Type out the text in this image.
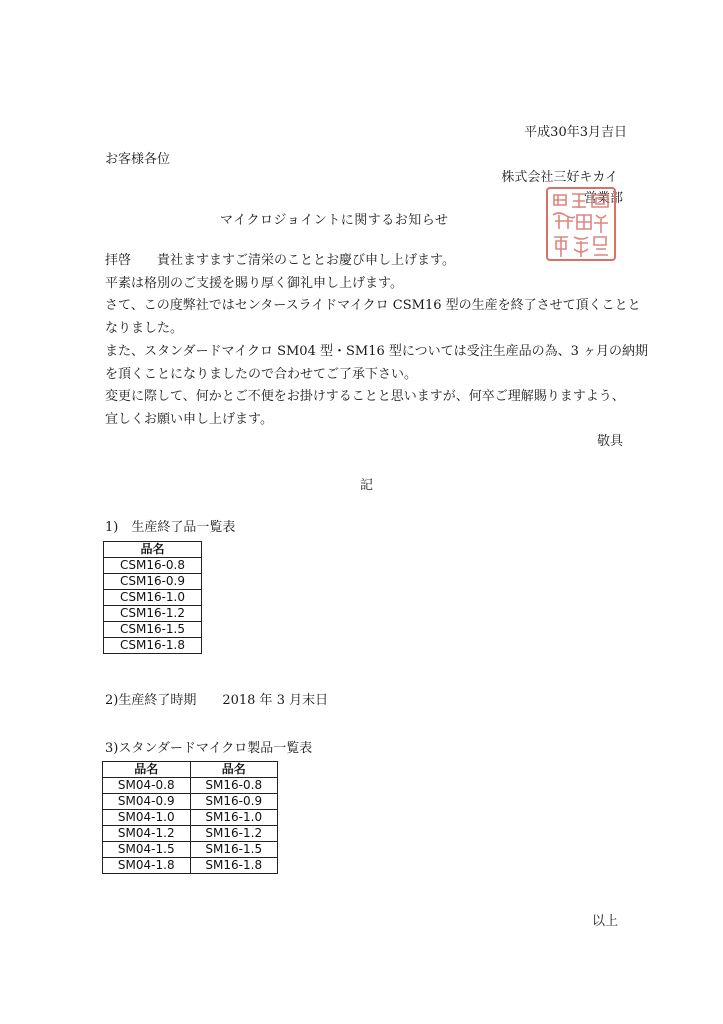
平成30年3月吉日
お客様各位
株式会社三好キカイ
営業部
マイクロジョイントに関するお知らせ
拝啓　　貴社ますますご清栄のこととお慶び申し上げます。
平素は格別のご支援を賜り厚く御礼申し上げます。
さて、この度弊社ではセンタースライドマイクロ CSM16 型の生産を終了させて頂くことと
なりました。
また、スタンダードマイクロ SM04 型・SM16 型については受注生産品の為、3 ヶ月の納期
を頂くことになりましたので合わせてご了承下さい。
変更に際して、何かとご不便をお掛けすることと思いますが、何卒ご理解賜りますよう、
宜しくお願い申し上げます。
敬具
記
1)　生産終了品一覧表
品名
CSM16-0.8
CSM16-0.9
CSM16-1.0
CSM16-1.2
CSM16-1.5
CSM16-1.8
2)生産終了時期 2018 年 3 月末日
3)スタンダードマイクロ製品一覧表
品名	品名
SM04-0.8	SM16-0.8
SM04-0.9	SM16-0.9
SM04-1.0	SM16-1.0
SM04-1.2	SM16-1.2
SM04-1.5	SM16-1.5
SM04-1.8	SM16-1.8
以上
